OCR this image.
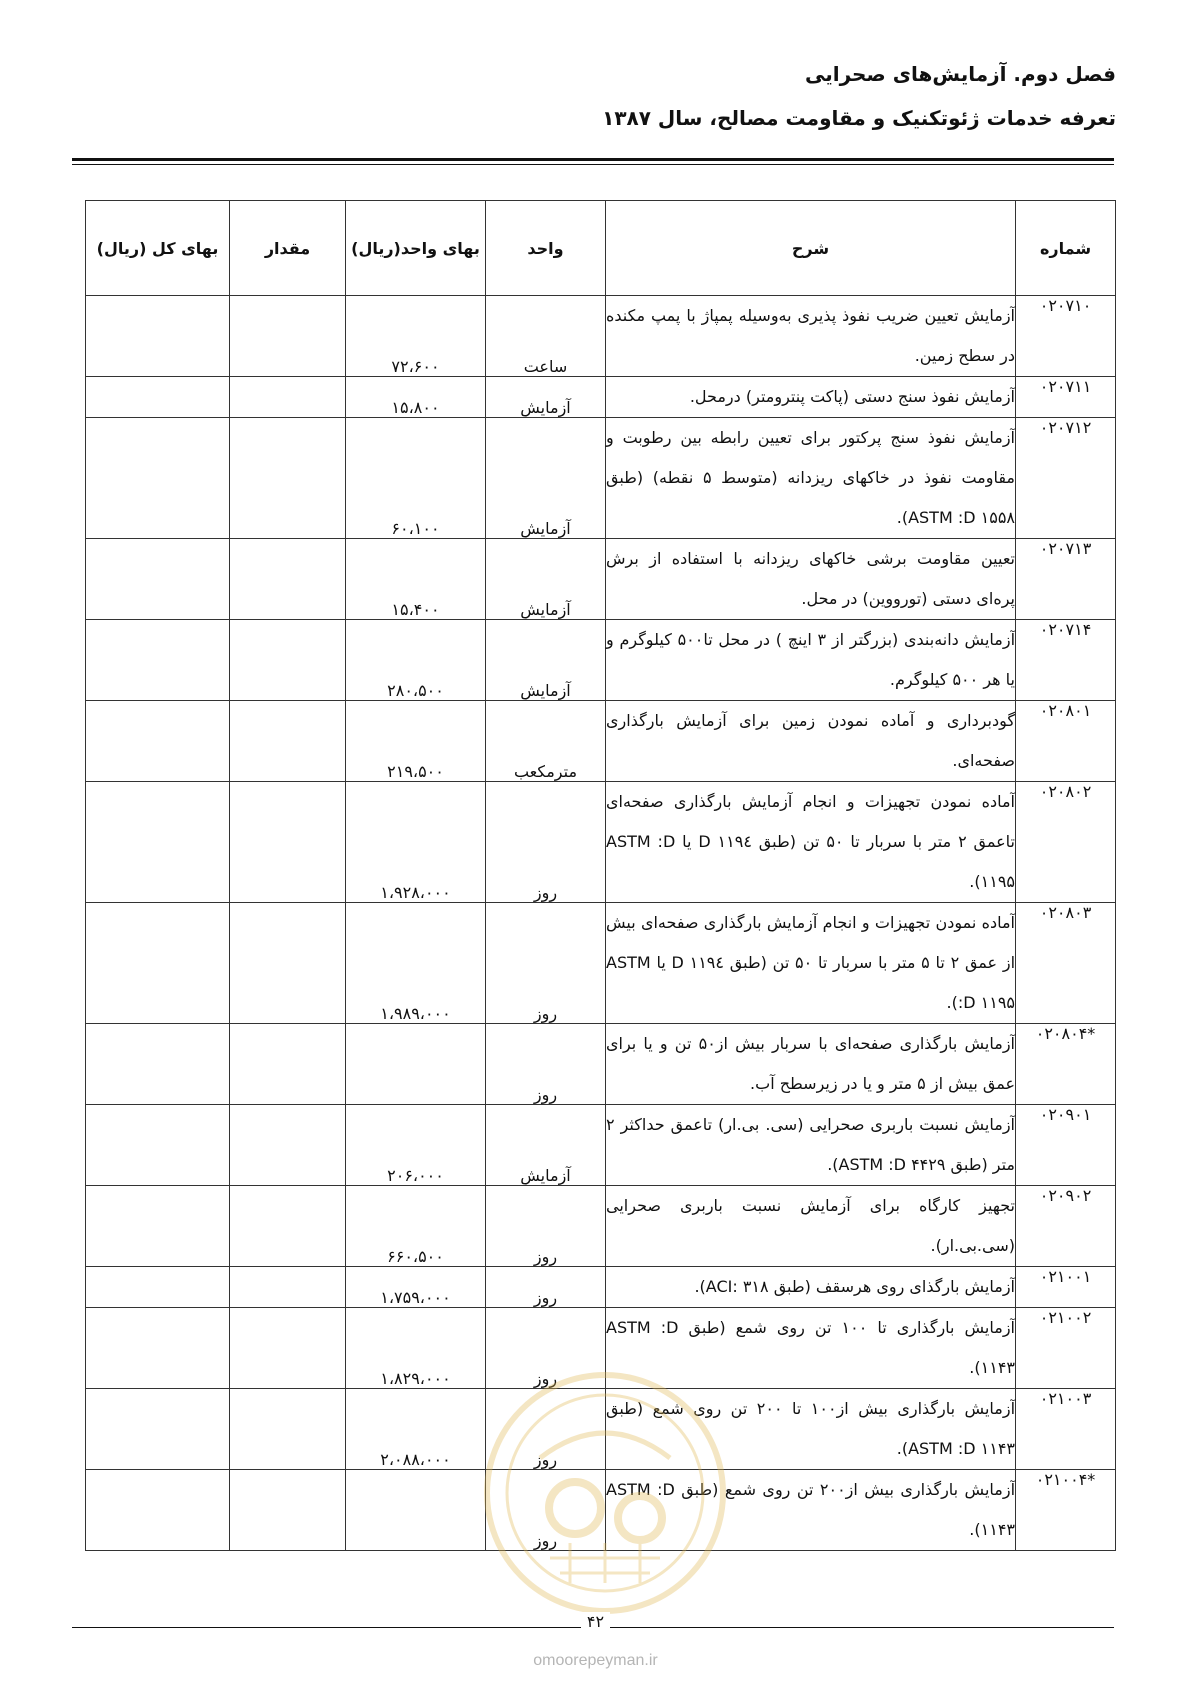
فصل دوم. آزمایش‌های صحرایی
تعرفه خدمات ژئوتکنیک و مقاومت مصالح، سال ۱۳۸۷
شماره	شرح	واحد	بهای واحد(ریال)	مقدار	بهای کل (ریال)
۰۲۰۷۱۰	آزمایش تعیین ضریب نفوذ پذیری به‌وسیله پمپاژ با پمپ مکنده در سطح زمین.	ساعت	۷۲،۶۰۰		
۰۲۰۷۱۱	آزمایش نفوذ سنج دستی (پاکت پنترومتر) درمحل.	آزمایش	۱۵،۸۰۰		
۰۲۰۷۱۲	آزمایش نفوذ سنج پرکتور برای تعیین رابطه بین رطوبت و مقاومت نفوذ در خاکهای ریزدانه (متوسط ۵ نقطه) (طبق ASTM :D ۱۵۵۸).	آزمایش	۶۰،۱۰۰		
۰۲۰۷۱۳	تعیین مقاومت برشی خاکهای ریزدانه با استفاده از برش پره‌ای دستی (تورووین) در محل.	آزمایش	۱۵،۴۰۰		
۰۲۰۷۱۴	آزمایش دانه‌بندی (بزرگتر از ۳ اینچ ) در محل تا۵۰۰ کیلوگرم و یا هر ۵۰۰ کیلوگرم.	آزمایش	۲۸۰،۵۰۰		
۰۲۰۸۰۱	گودبرداری و آماده نمودن زمین برای آزمایش بارگذاری صفحه‌ای.	مترمکعب	۲۱۹،۵۰۰		
۰۲۰۸۰۲	آماده نمودن تجهیزات و انجام آزمایش بارگذاری صفحه‌ای تاعمق ۲ متر با سربار تا ۵۰ تن (طبق D ۱۱۹٤ یا ASTM :D ۱۱۹۵).	روز	۱،۹۲۸،۰۰۰		
۰۲۰۸۰۳	آماده نمودن تجهیزات و انجام آزمایش بارگذاری صفحه‌ای بیش از عمق ۲ تا ۵ متر با سربار تا ۵۰ تن (طبق D ۱۱۹٤ یا ASTM :D ۱۱۹۵).	روز	۱،۹۸۹،۰۰۰		
*۰۲۰۸۰۴	آزمایش بارگذاری صفحه‌ای با سربار بیش از۵۰ تن و یا برای عمق بیش از ۵ متر و یا در زیرسطح آب.	روز			
۰۲۰۹۰۱	آزمایش نسبت باربری صحرایی (سی. بی.ار) تاعمق حداکثر ۲ متر (طبق ASTM :D ۴۴۲۹).	آزمایش	۲۰۶،۰۰۰		
۰۲۰۹۰۲	تجهیز کارگاه برای آزمایش نسبت باربری صحرایی (سی.بی.ار).	روز	۶۶۰،۵۰۰		
۰۲۱۰۰۱	آزمایش بارگذای روی هرسقف (طبق ACI: ۳۱۸).	روز	۱،۷۵۹،۰۰۰		
۰۲۱۰۰۲	آزمایش بارگذاری تا ۱۰۰ تن روی شمع (طبق ASTM :D ۱۱۴۳).	روز	۱،۸۲۹،۰۰۰		
۰۲۱۰۰۳	آزمایش بارگذاری بیش از۱۰۰ تا ۲۰۰ تن روی شمع (طبق ASTM :D ۱۱۴۳).	روز	۲،۰۸۸،۰۰۰		
*۰۲۱۰۰۴	آزمایش بارگذاری بیش از۲۰۰ تن روی شمع (طبق ASTM :D ۱۱۴۳).	روز			
۴۲
omoorepeyman.ir
